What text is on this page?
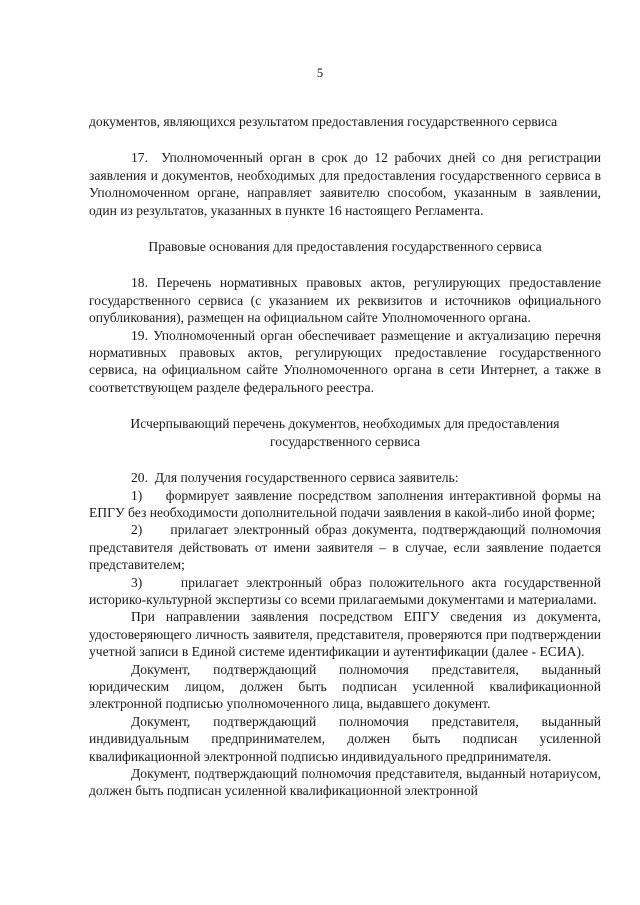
5

документов, являющихся результатом предоставления государственного сервиса

17.  Уполномоченный орган в срок до 12 рабочих дней со дня регистрации заявления и документов, необходимых для предоставления государственного сервиса в Уполномоченном органе, направляет заявителю способом, указанным в заявлении, один из результатов, указанных в пункте 16 настоящего Регламента.

Правовые основания для предоставления государственного сервиса

18. Перечень нормативных правовых актов, регулирующих предоставление государственного сервиса (с указанием их реквизитов и источников официального опубликования), размещен на официальном сайте Уполномоченного органа.

19. Уполномоченный орган обеспечивает размещение и актуализацию перечня нормативных правовых актов, регулирующих предоставление государственного сервиса, на официальном сайте Уполномоченного органа в сети Интернет, а также в соответствующем разделе федерального реестра.

Исчерпывающий перечень документов, необходимых для предоставления государственного сервиса

20.  Для получения государственного сервиса заявитель:

1)    формирует заявление посредством заполнения интерактивной формы на ЕПГУ без необходимости дополнительной подачи заявления в какой-либо иной форме;

2)     прилагает электронный образ документа, подтверждающий полномочия представителя действовать от имени заявителя – в случае, если заявление подается представителем;

3)     прилагает электронный образ положительного акта государственной историко-культурной экспертизы со всеми прилагаемыми документами и материалами.

При направлении заявления посредством ЕПГУ сведения из документа, удостоверяющего личность заявителя, представителя, проверяются при подтверждении учетной записи в Единой системе идентификации и аутентификации (далее - ЕСИА).

Документ, подтверждающий полномочия представителя, выданный юридическим лицом, должен быть подписан усиленной квалификационной электронной подписью уполномоченного лица, выдавшего документ.

Документ, подтверждающий полномочия представителя, выданный индивидуальным предпринимателем, должен быть подписан усиленной квалификационной электронной подписью индивидуального предпринимателя.

Документ, подтверждающий полномочия представителя, выданный нотариусом, должен быть подписан усиленной квалификационной электронной
